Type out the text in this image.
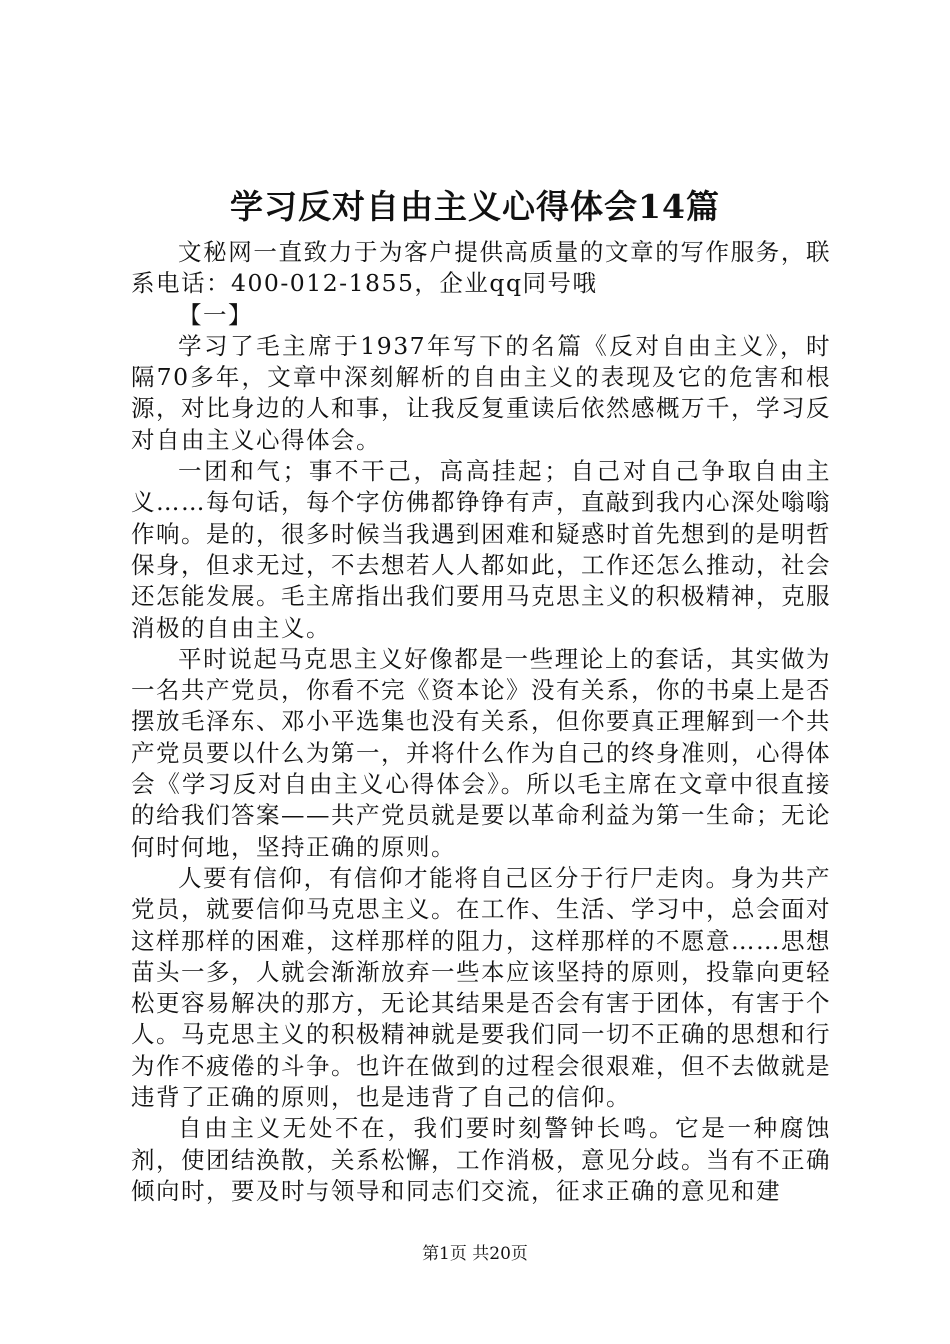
学习反对自由主义心得体会14篇

文秘网一直致力于为客户提供高质量的文章的写作服务，联系电话：400-012-1855，企业qq同号哦

【一】

学习了毛主席于1937年写下的名篇《反对自由主义》，时隔70多年，文章中深刻解析的自由主义的表现及它的危害和根源，对比身边的人和事，让我反复重读后依然感概万千，学习反对自由主义心得体会。

一团和气；事不干己，高高挂起；自己对自己争取自由主义……每句话，每个字仿佛都铮铮有声，直敲到我内心深处嗡嗡作响。是的，很多时候当我遇到困难和疑惑时首先想到的是明哲保身，但求无过，不去想若人人都如此，工作还怎么推动，社会还怎能发展。毛主席指出我们要用马克思主义的积极精神，克服消极的自由主义。

平时说起马克思主义好像都是一些理论上的套话，其实做为一名共产党员，你看不完《资本论》没有关系，你的书桌上是否摆放毛泽东、邓小平选集也没有关系，但你要真正理解到一个共产党员要以什么为第一，并将什么作为自己的终身准则，心得体会《学习反对自由主义心得体会》。所以毛主席在文章中很直接的给我们答案——共产党员就是要以革命利益为第一生命；无论何时何地，坚持正确的原则。

人要有信仰，有信仰才能将自己区分于行尸走肉。身为共产党员，就要信仰马克思主义。在工作、生活、学习中，总会面对这样那样的困难，这样那样的阻力，这样那样的不愿意……思想苗头一多，人就会渐渐放弃一些本应该坚持的原则，投靠向更轻松更容易解决的那方，无论其结果是否会有害于团体，有害于个人。马克思主义的积极精神就是要我们同一切不正确的思想和行为作不疲倦的斗争。也许在做到的过程会很艰难，但不去做就是违背了正确的原则，也是违背了自己的信仰。

自由主义无处不在，我们要时刻警钟长鸣。它是一种腐蚀剂，使团结涣散，关系松懈，工作消极，意见分歧。当有不正确倾向时，要及时与领导和同志们交流，征求正确的意见和建

第1页 共20页
